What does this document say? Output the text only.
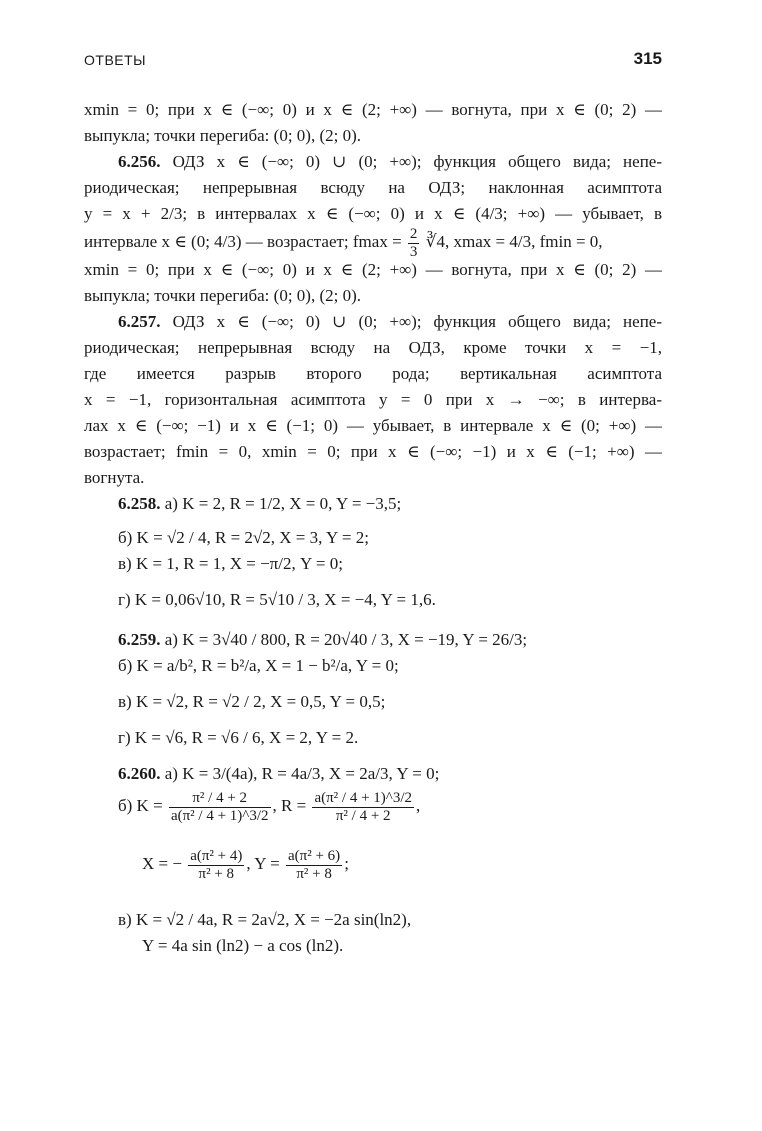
ОТВЕТЫ	315
xmin = 0; при x ∈ (−∞; 0) и x ∈ (2; +∞) — вогнута, при x ∈ (0; 2) —
выпукла; точки перегиба: (0; 0), (2; 0).
6.256. ОДЗ x ∈ (−∞; 0) ∪ (0; +∞); функция общего вида; непе-
риодическая; непрерывная всюду на ОДЗ; наклонная асимптота
y = x + 2/3; в интервалах x ∈ (−∞; 0) и x ∈ (4/3; +∞) — убывает, в
интервале x ∈ (0; 4/3) — возрастает; $fmax = \frac{2}{3}$ ∛4, xmax = 4/3, fmin = 0,
xmin = 0; при x ∈ (−∞; 0) и x ∈ (2; +∞) — вогнута, при x ∈ (0; 2) —
выпукла; точки перегиба: (0; 0), (2; 0).
6.257. ОДЗ x ∈ (−∞; 0) ∪ (0; +∞); функция общего вида; непе-
риодическая; непрерывная всюду на ОДЗ, кроме точки x = −1,
где имеется разрыв второго рода; вертикальная асимптота
x = −1, горизонтальная асимптота y = 0 при x → −∞; в интерва-
лах x ∈ (−∞; −1) и x ∈ (−1; 0) — убывает, в интервале x ∈ (0; +∞) —
возрастает; fmin = 0, xmin = 0; при x ∈ (−∞; −1) и x ∈ (−1; +∞) —
вогнута.
6.258. а) K = 2, R = 1/2, X = 0, Y = −3,5;
б) K = √2 / 4, R = 2√2, X = 3, Y = 2;
в) K = 1, R = 1, X = −π/2, Y = 0;
г) K = 0,06√10, R = 5√10 / 3, X = −4, Y = 1,6.
6.259. а) K = 3√40 / 800, R = 20√40 / 3, X = −19, Y = 26/3;
б) K = a/b², R = b²/a, X = 1 − b²/a, Y = 0;
в) K = √2, R = √2 / 2, X = 0,5, Y = 0,5;
г) K = √6, R = √6 / 6, X = 2, Y = 2.
6.260. а) K = 3/(4a), R = 4a/3, X = 2a/3, Y = 0;
б) $K = \frac{\text{π² / 4 + 2}}{\text{a(π² / 4 + 1)\textasciicircum{}3/2}}$ , $R = \frac{\text{a(π² / 4 + 1)\textasciicircum{}3/2}}{\text{π² / 4 + 2}}$ ,
X = − $\frac{\text{a(π² + 4)}}{\text{π² + 8}}$ , $Y = \frac{\text{a(π² + 6)}}{\text{π² + 8}}$ ;
в) K = √2 / 4a, R = 2a√2, X = −2a sin(ln2),
Y = 4a sin (ln2) − a cos (ln2).
